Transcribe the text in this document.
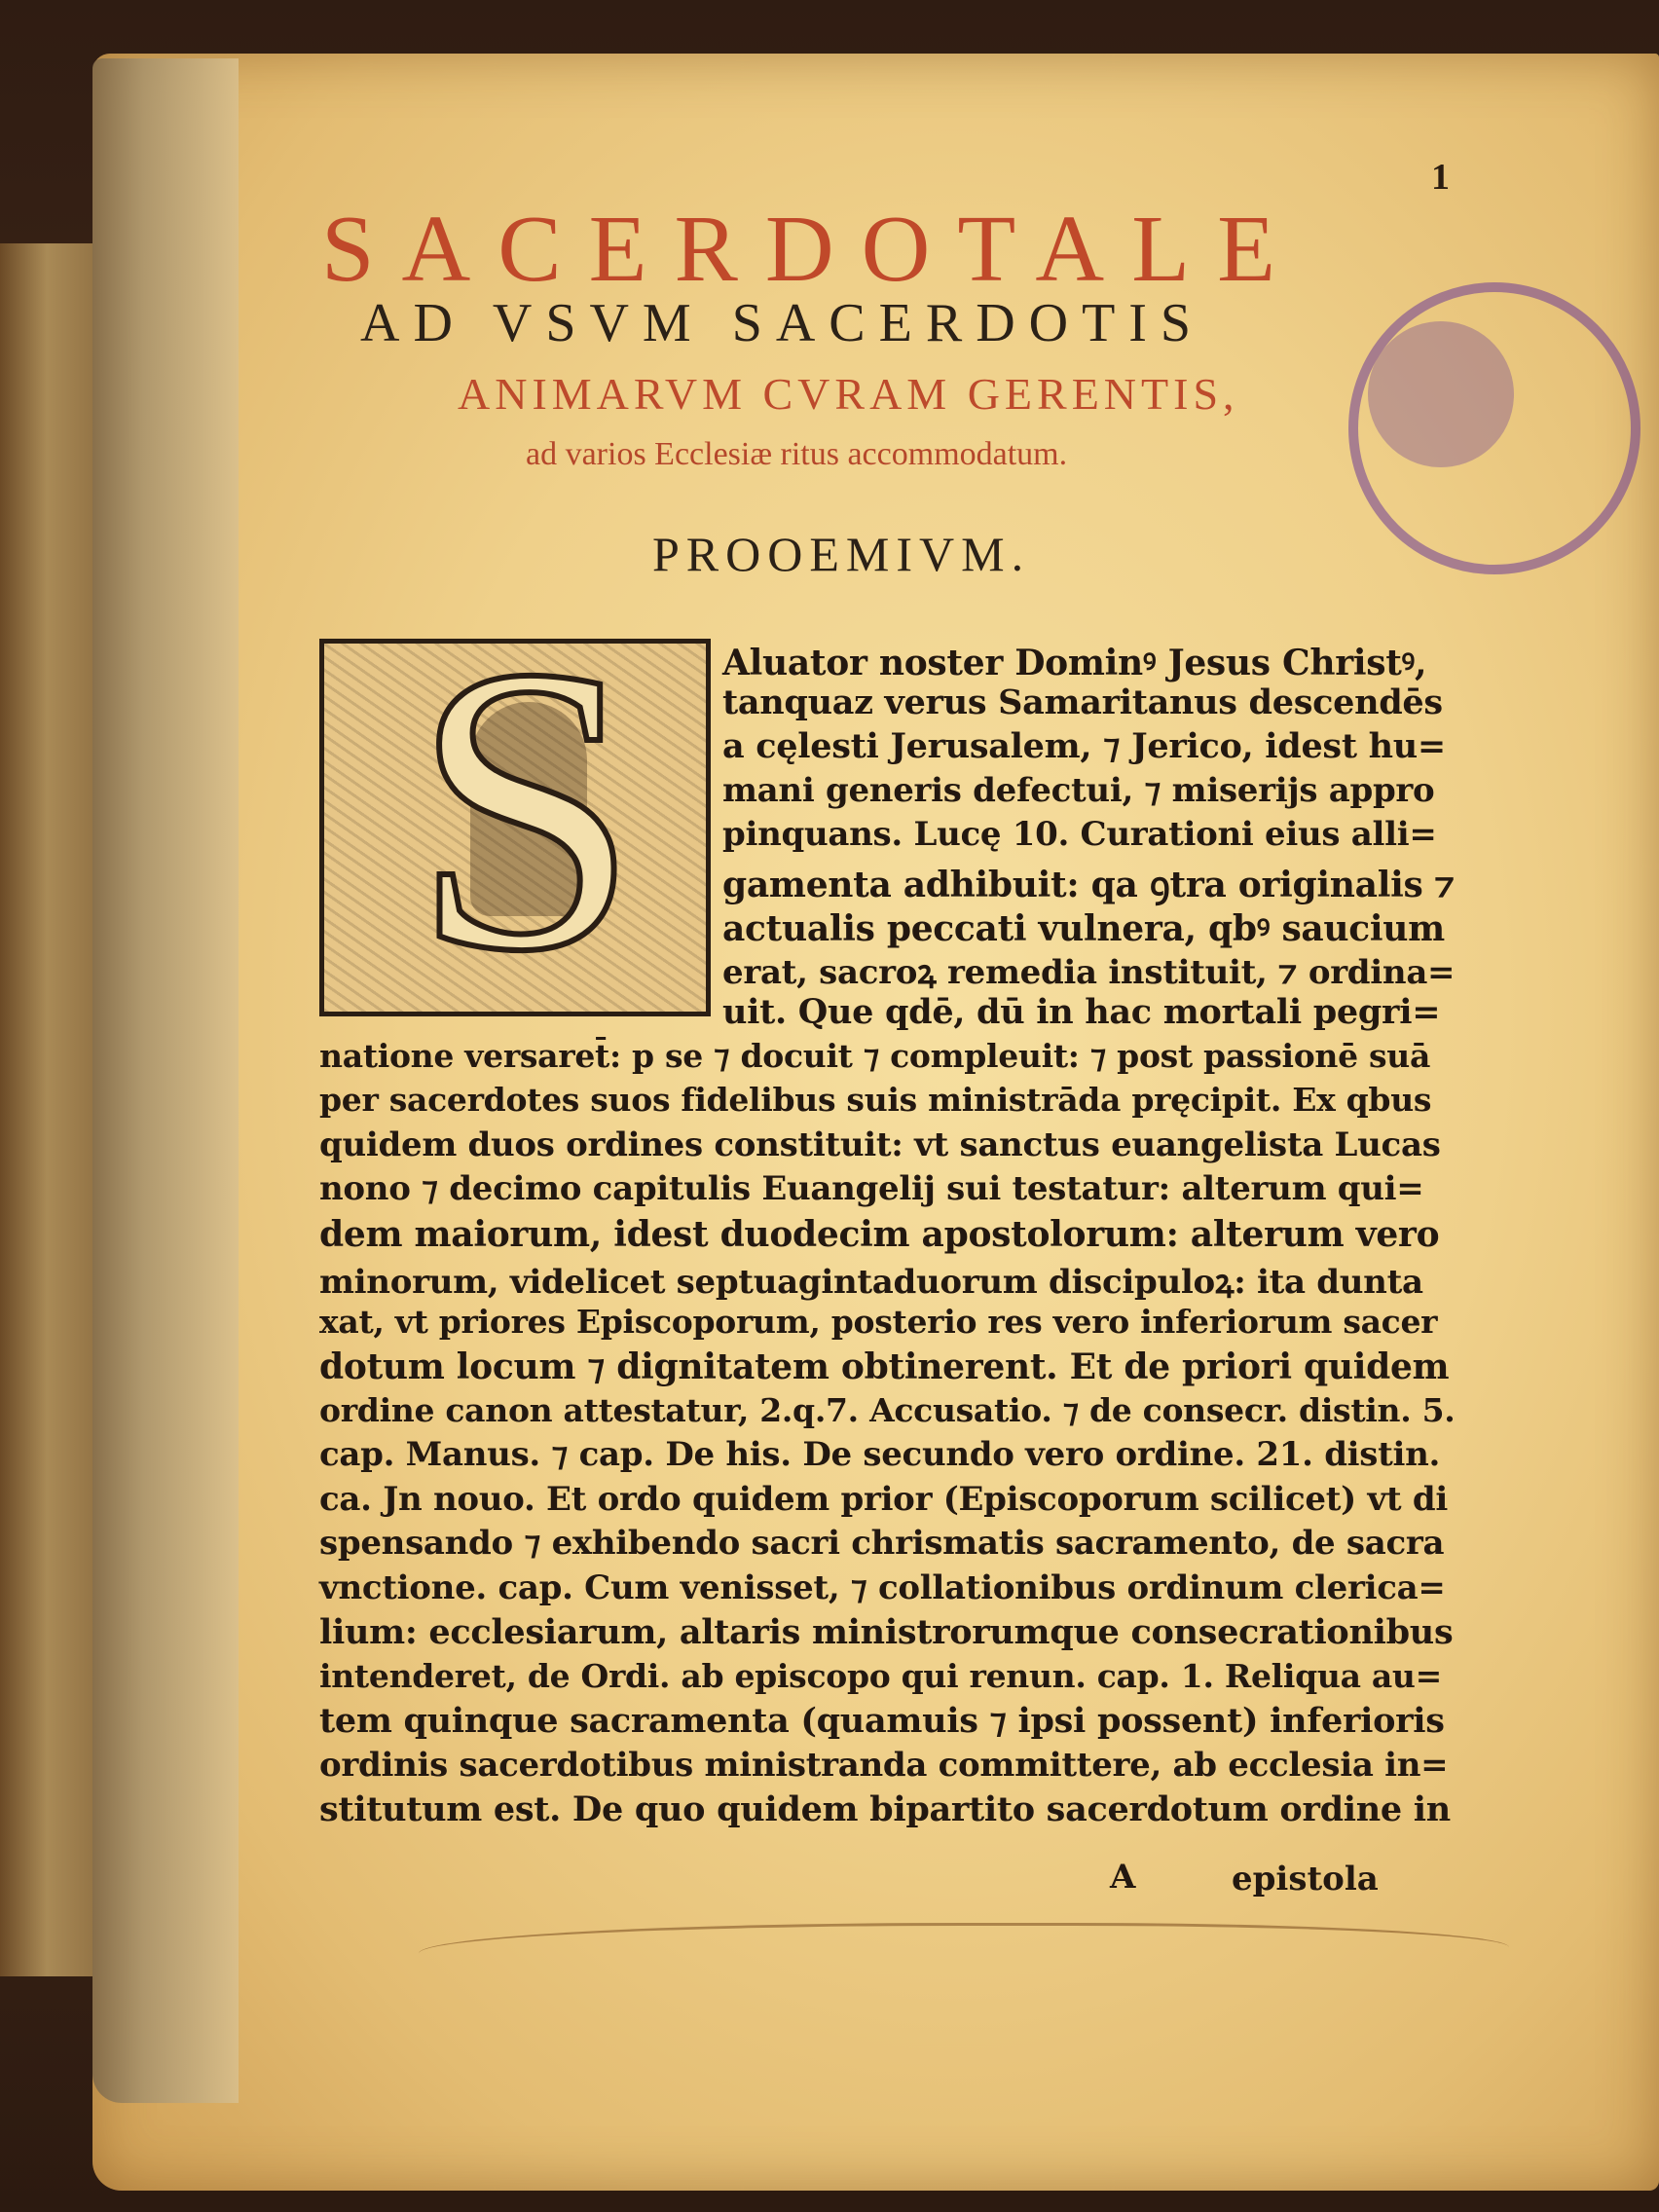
1
SACERDOTALE
AD VSVM SACERDOTIS
ANIMARVM CVRAM GERENTIS,
ad varios Ecclesiæ ritus accommodatum.
PROOEMIVM.
S Aluator noster Dominꝰ Jesus Christꝰ,
tanquaz verus Samaritanus descendēs
a cęlesti Jerusalem, ⁊ Jerico, idest hu=
mani generis defectui, ⁊ miserijs appro
pinquans. Lucę 10. Curationi eius alli=
gamenta adhibuit: qa ꝯtra originalis ⁊
actualis peccati vulnera, qbꝰ saucium
erat, sacroꝝ remedia instituit, ⁊ ordina=
uit. Que qdē, dū in hac mortali pegri=
natione versaret̄: p se ⁊ docuit ⁊ compleuit: ⁊ post passionē suā
per sacerdotes suos fidelibus suis ministrāda pręcipit. Ex qbus
quidem duos ordines constituit: vt sanctus euangelista Lucas
nono ⁊ decimo capitulis Euangelij sui testatur: alterum qui=
dem maiorum, idest duodecim apostolorum: alterum vero
minorum, videlicet septuagintaduorum discipuloꝝ: ita dunta
xat, vt priores Episcoporum, posterio res vero inferiorum sacer
dotum locum ⁊ dignitatem obtinerent. Et de priori quidem
ordine canon attestatur, 2.q.7. Accusatio. ⁊ de consecr. distin. 5.
cap. Manus. ⁊ cap. De his. De secundo vero ordine. 21. distin.
ca. Jn nouo. Et ordo quidem prior (Episcoporum scilicet) vt di
spensando ⁊ exhibendo sacri chrismatis sacramento, de sacra
vnctione. cap. Cum venisset, ⁊ collationibus ordinum clerica=
lium: ecclesiarum, altaris ministrorumque consecrationibus
intenderet, de Ordi. ab episcopo qui renun. cap. 1. Reliqua au=
tem quinque sacramenta (quamuis ⁊ ipsi possent) inferioris
ordinis sacerdotibus ministranda committere, ab ecclesia in=
stitutum est. De quo quidem bipartito sacerdotum ordine in
A	epistola
